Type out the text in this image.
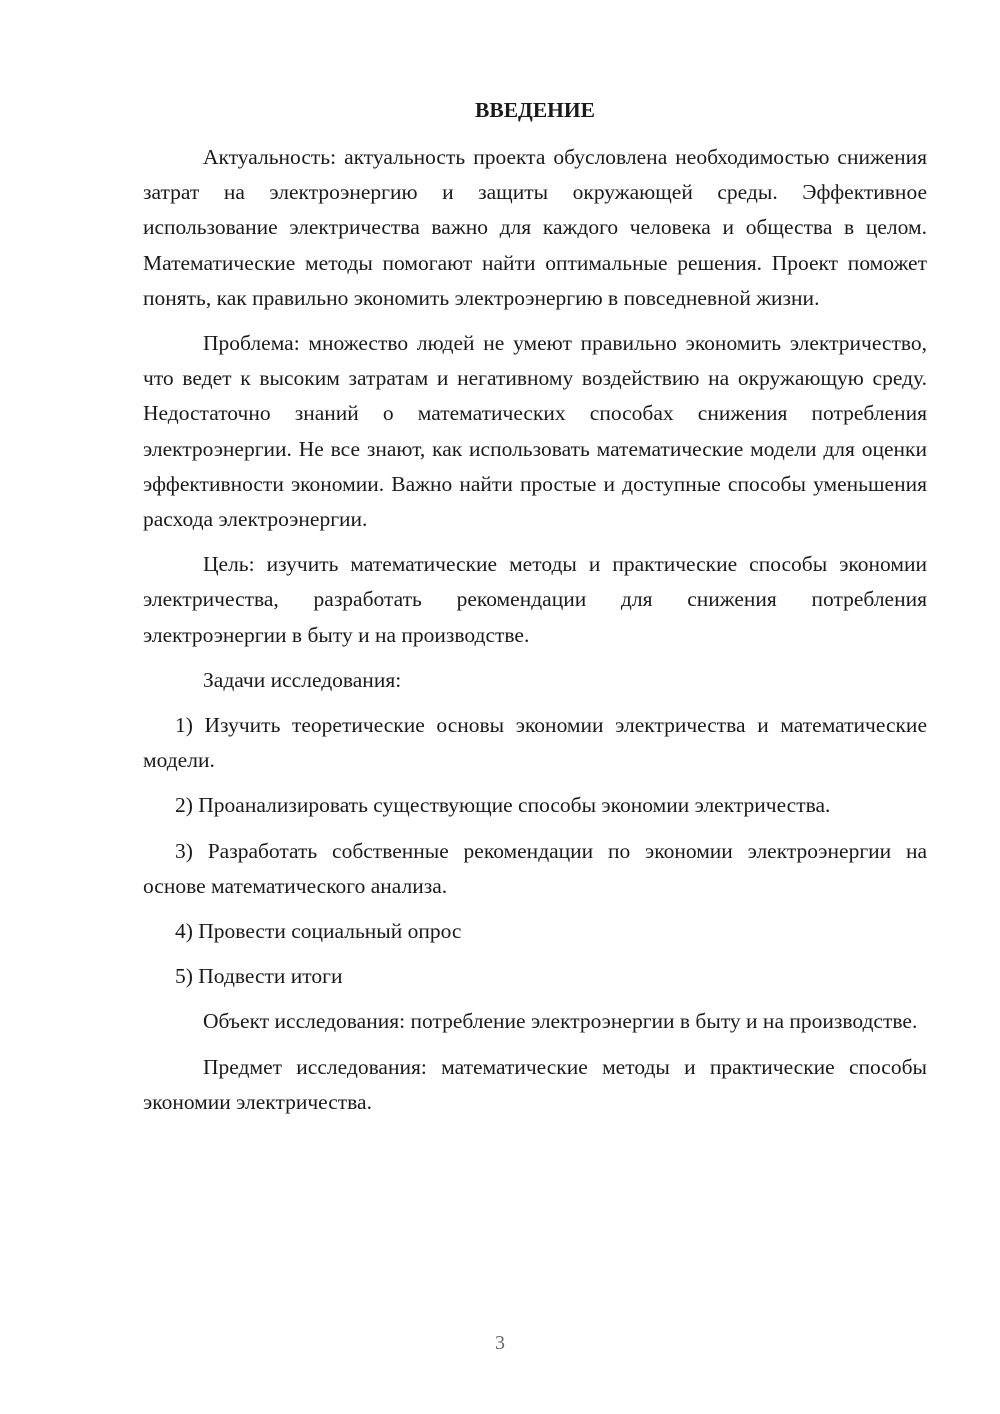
ВВЕДЕНИЕ

Актуальность: актуальность проекта обусловлена необходимостью снижения затрат на электроэнергию и защиты окружающей среды. Эффективное использование электричества важно для каждого человека и общества в целом. Математические методы помогают найти оптимальные решения. Проект поможет понять, как правильно экономить электроэнергию в повседневной жизни.

Проблема: множество людей не умеют правильно экономить электричество, что ведет к высоким затратам и негативному воздействию на окружающую среду. Недостаточно знаний о математических способах снижения потребления электроэнергии. Не все знают, как использовать математические модели для оценки эффективности экономии. Важно найти простые и доступные способы уменьшения расхода электроэнергии.

Цель: изучить математические методы и практические способы экономии электричества, разработать рекомендации для снижения потребления электроэнергии в быту и на производстве.

Задачи исследования:

1) Изучить теоретические основы экономии электричества и математические модели.

2) Проанализировать существующие способы экономии электричества.

3) Разработать собственные рекомендации по экономии электроэнергии на основе математического анализа.

4) Провести социальный опрос

5) Подвести итоги

Объект исследования: потребление электроэнергии в быту и на производстве.

Предмет исследования: математические методы и практические способы экономии электричества.

3
